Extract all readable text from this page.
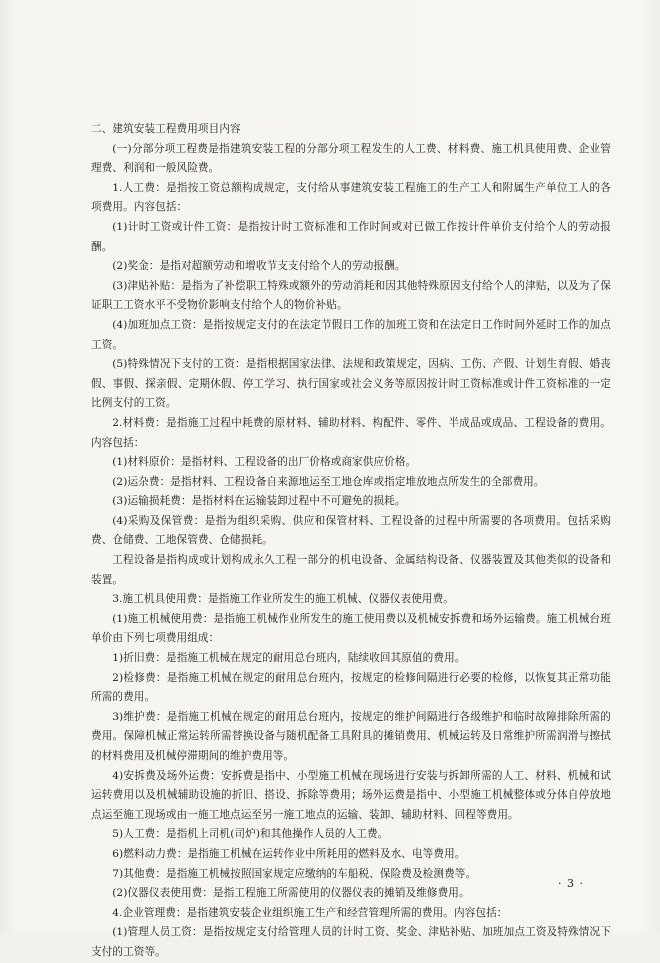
二、建筑安装工程费用项目内容

(一)分部分项工程费是指建筑安装工程的分部分项工程发生的人工费、材料费、施工机具使用费、企业管理费、利润和一般风险费。

1.人工费：是指按工资总额构成规定，支付给从事建筑安装工程施工的生产工人和附属生产单位工人的各项费用。内容包括：

(1)计时工资或计件工资：是指按计时工资标准和工作时间或对已做工作按计件单价支付给个人的劳动报酬。

(2)奖金：是指对超额劳动和增收节支支付给个人的劳动报酬。

(3)津贴补贴：是指为了补偿职工特殊或额外的劳动消耗和因其他特殊原因支付给个人的津贴，以及为了保证职工工资水平不受物价影响支付给个人的物价补贴。

(4)加班加点工资：是指按规定支付的在法定节假日工作的加班工资和在法定日工作时间外延时工作的加点工资。

(5)特殊情况下支付的工资：是指根据国家法律、法规和政策规定，因病、工伤、产假、计划生育假、婚丧假、事假、探亲假、定期休假、停工学习、执行国家或社会义务等原因按计时工资标准或计件工资标准的一定比例支付的工资。

2.材料费：是指施工过程中耗费的原材料、辅助材料、构配件、零件、半成品或成品、工程设备的费用。内容包括：

(1)材料原价：是指材料、工程设备的出厂价格或商家供应价格。

(2)运杂费：是指材料、工程设备自来源地运至工地仓库或指定堆放地点所发生的全部费用。

(3)运输损耗费：是指材料在运输装卸过程中不可避免的损耗。

(4)采购及保管费：是指为组织采购、供应和保管材料、工程设备的过程中所需要的各项费用。包括采购费、仓储费、工地保管费、仓储损耗。

工程设备是指构成或计划构成永久工程一部分的机电设备、金属结构设备、仪器装置及其他类似的设备和装置。

3.施工机具使用费：是指施工作业所发生的施工机械、仪器仪表使用费。

(1)施工机械使用费：是指施工机械作业所发生的施工使用费以及机械安拆费和场外运输费。施工机械台班单价由下列七项费用组成：

1)折旧费：是指施工机械在规定的耐用总台班内，陆续收回其原值的费用。

2)检修费：是指施工机械在规定的耐用总台班内，按规定的检修间隔进行必要的检修，以恢复其正常功能所需的费用。

3)维护费：是指施工机械在规定的耐用总台班内，按规定的维护间隔进行各级维护和临时故障排除所需的费用。保障机械正常运转所需替换设备与随机配备工具附具的摊销费用、机械运转及日常维护所需润滑与擦拭的材料费用及机械停滞期间的维护费用等。

4)安拆费及场外运费：安拆费是指中、小型施工机械在现场进行安装与拆卸所需的人工、材料、机械和试运转费用以及机械辅助设施的折旧、搭设、拆除等费用；场外运费是指中、小型施工机械整体或分体自停放地点运至施工现场或由一施工地点运至另一施工地点的运输、装卸、辅助材料、回程等费用。

5)人工费：是指机上司机(司炉)和其他操作人员的人工费。

6)燃料动力费：是指施工机械在运转作业中所耗用的燃料及水、电等费用。

7)其他费：是指施工机械按照国家规定应缴纳的车船税、保险费及检测费等。

(2)仪器仪表使用费：是指工程施工所需使用的仪器仪表的摊销及维修费用。

4.企业管理费：是指建筑安装企业组织施工生产和经营管理所需的费用。内容包括：

(1)管理人员工资：是指按规定支付给管理人员的计时工资、奖金、津贴补贴、加班加点工资及特殊情况下支付的工资等。

· 3 ·
